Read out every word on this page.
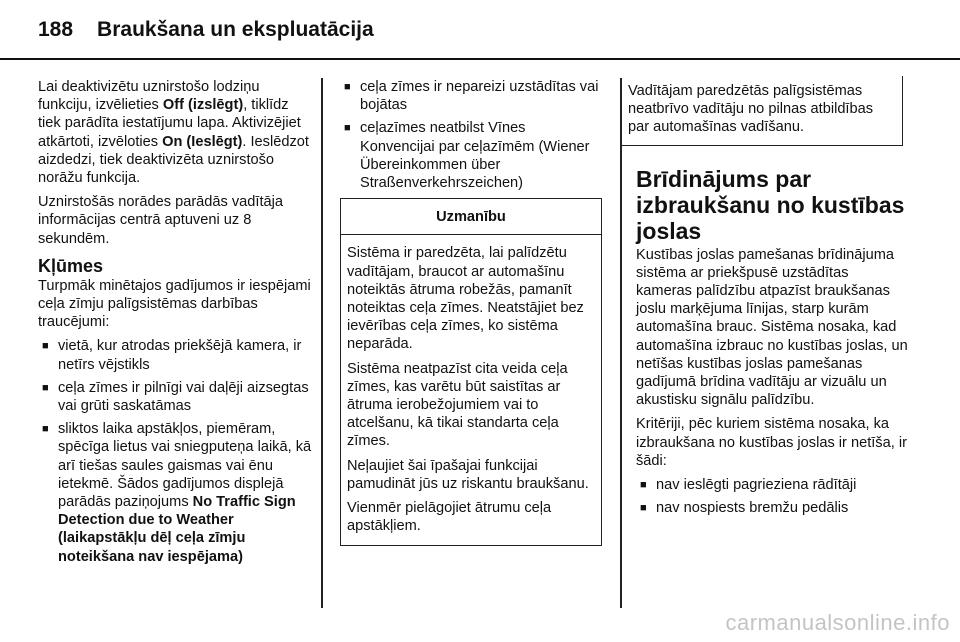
188 Braukšana un ekspluatācija

Lai deaktivizētu uznirstošo lodziņu funkciju, izvēlieties Off (izslēgt), tiklīdz tiek parādīta iestatījumu lapa. Aktivizējiet atkārtoti, izvēloties On (Ieslēgt). Ieslēdzot aizdedzi, tiek deaktivizēta uznirstošo norāžu funkcija.

Uznirstošās norādes parādās vadītāja informācijas centrā aptuveni uz 8 sekundēm.

Kļūmes

Turpmāk minētajos gadījumos ir iespējami ceļa zīmju palīgsistēmas darbības traucējumi:

■ vietā, kur atrodas priekšējā kamera, ir netīrs vējstikls
■ ceļa zīmes ir pilnīgi vai daļēji aizsegtas vai grūti saskatāmas
■ sliktos laika apstākļos, piemēram, spēcīga lietus vai sniegputeņa laikā, kā arī tiešas saules gaismas vai ēnu ietekmē. Šādos gadījumos displejā parādās paziņojums No Traffic Sign Detection due to Weather (laikapstākļu dēļ ceļa zīmju noteikšana nav iespējama)
■ ceļa zīmes ir nepareizi uzstādītas vai bojātas
■ ceļazīmes neatbilst Vīnes Konvencijai par ceļazīmēm (Wiener Übereinkommen über Straßenverkehrszeichen)
Uzmanību

Sistēma ir paredzēta, lai palīdzētu vadītājam, braucot ar automašīnu noteiktās ātruma robežās, pamanīt noteiktas ceļa zīmes. Neatstājiet bez ievērības ceļa zīmes, ko sistēma neparāda.

Sistēma neatpazīst cita veida ceļa zīmes, kas varētu būt saistītas ar ātruma ierobežojumiem vai to atcelšanu, kā tikai standarta ceļa zīmes.

Neļaujiet šai īpašajai funkcijai pamudināt jūs uz riskantu braukšanu.

Vienmēr pielāgojiet ātrumu ceļa apstākļiem.

Vadītājam paredzētās palīgsistēmas neatbrīvo vadītāju no pilnas atbildības par automašīnas vadīšanu.

Brīdinājums par izbraukšanu no kustības joslas

Kustības joslas pamešanas brīdinājuma sistēma ar priekšpusē uzstādītas kameras palīdzību atpazīst braukšanas joslu marķējuma līnijas, starp kurām automašīna brauc. Sistēma nosaka, kad automašīna izbrauc no kustības joslas, un netīšas kustības joslas pamešanas gadījumā brīdina vadītāju ar vizuālu un akustisku signālu palīdzību.

Kritēriji, pēc kuriem sistēma nosaka, ka izbraukšana no kustības joslas ir netīša, ir šādi:

■ nav ieslēgti pagrieziena rādītāji
■ nav nospiests bremžu pedālis
carmanualsonline.info
